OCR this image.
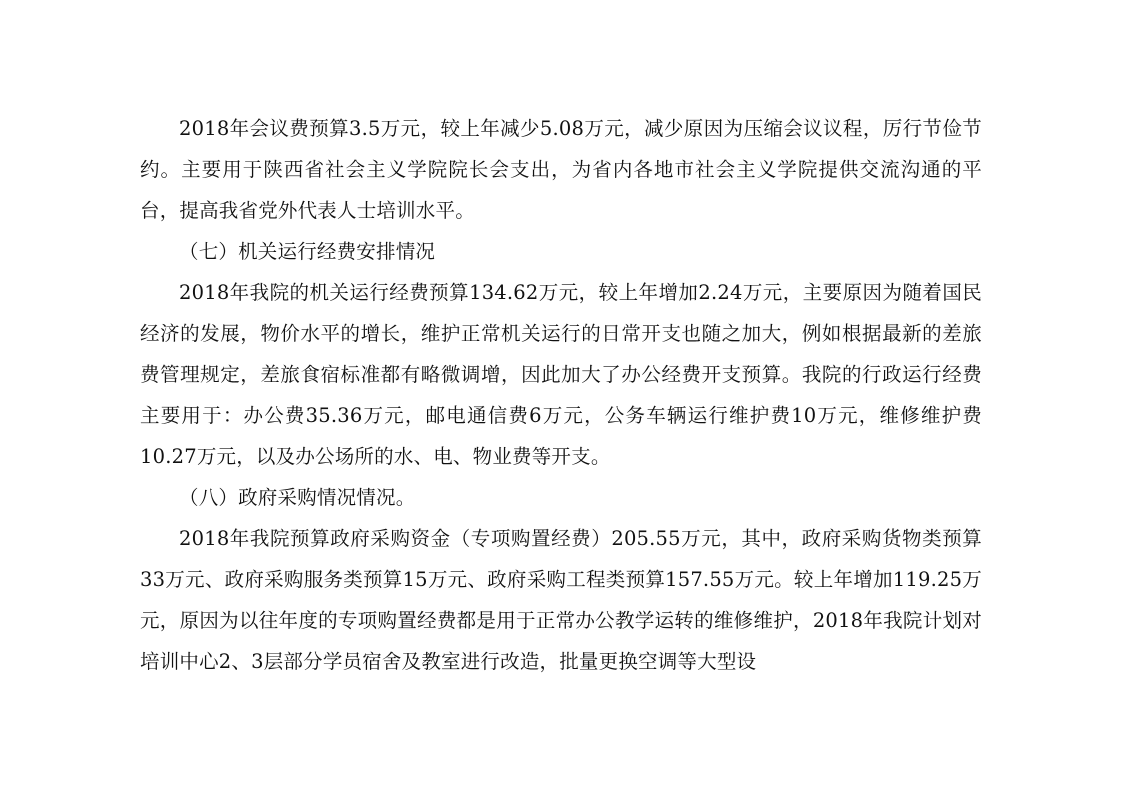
2018年会议费预算3.5万元，较上年减少5.08万元，减少原因为压缩会议议程，厉行节俭节约。主要用于陕西省社会主义学院院长会支出，为省内各地市社会主义学院提供交流沟通的平台，提高我省党外代表人士培训水平。

（七）机关运行经费安排情况

2018年我院的机关运行经费预算134.62万元，较上年增加2.24万元，主要原因为随着国民经济的发展，物价水平的增长，维护正常机关运行的日常开支也随之加大，例如根据最新的差旅费管理规定，差旅食宿标准都有略微调增，因此加大了办公经费开支预算。我院的行政运行经费主要用于：办公费35.36万元，邮电通信费6万元，公务车辆运行维护费10万元，维修维护费10.27万元，以及办公场所的水、电、物业费等开支。

（八）政府采购情况情况。

2018年我院预算政府采购资金（专项购置经费）205.55万元，其中，政府采购货物类预算33万元、政府采购服务类预算15万元、政府采购工程类预算157.55万元。较上年增加119.25万元，原因为以往年度的专项购置经费都是用于正常办公教学运转的维修维护，2018年我院计划对培训中心2、3层部分学员宿舍及教室进行改造，批量更换空调等大型设
